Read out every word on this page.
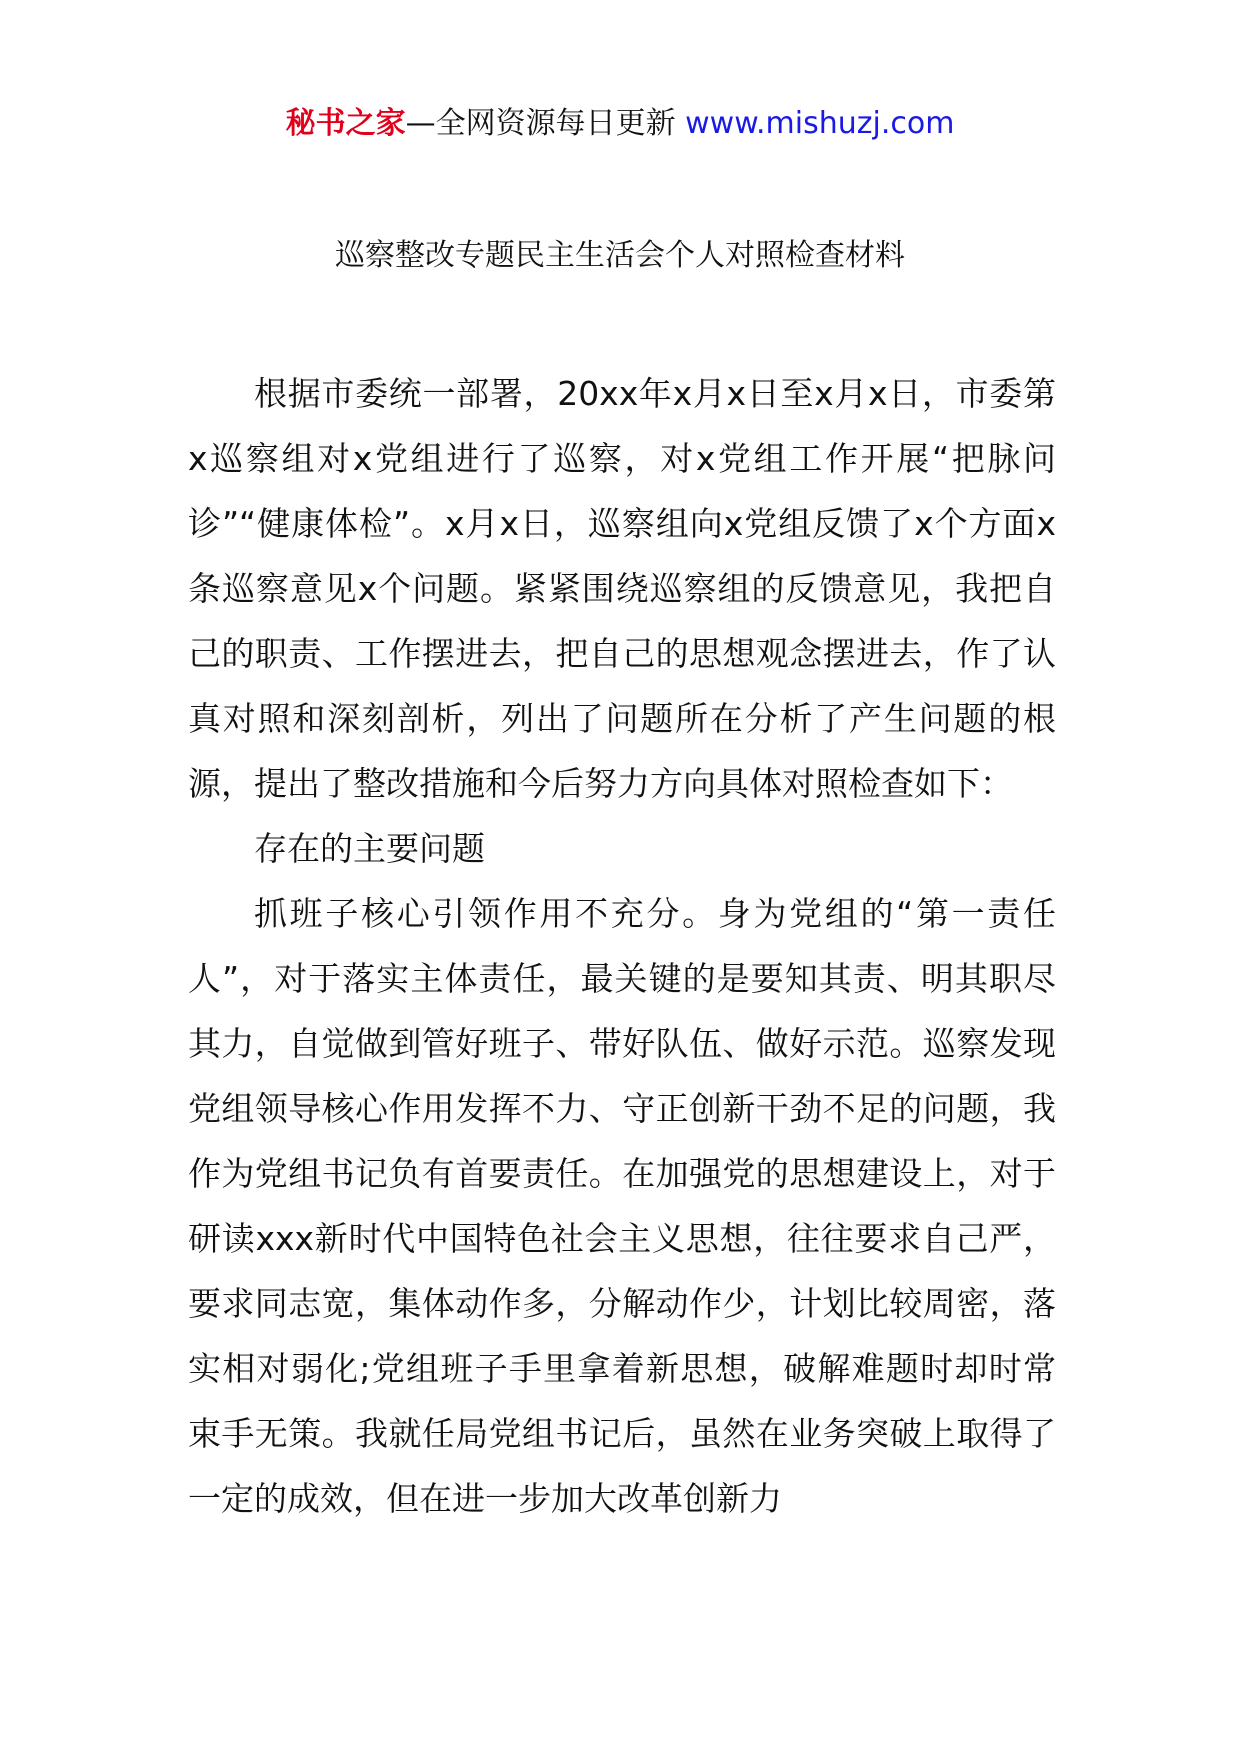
秘书之家—全网资源每日更新 www.mishuzj.com
巡察整改专题民主生活会个人对照检查材料

根据市委统一部署，20xx年x月x日至x月x日，市委第x巡察组对x党组进行了巡察，对x党组工作开展“把脉问诊”“健康体检”。x月x日，巡察组向x党组反馈了x个方面x条巡察意见x个问题。紧紧围绕巡察组的反馈意见，我把自己的职责、工作摆进去，把自己的思想观念摆进去，作了认真对照和深刻剖析，列出了问题所在分析了产生问题的根源，提出了整改措施和今后努力方向具体对照检查如下：

存在的主要问题

抓班子核心引领作用不充分。身为党组的“第一责任人”，对于落实主体责任，最关键的是要知其责、明其职尽其力，自觉做到管好班子、带好队伍、做好示范。巡察发现党组领导核心作用发挥不力、守正创新干劲不足的问题，我作为党组书记负有首要责任。在加强党的思想建设上，对于研读xxx新时代中国特色社会主义思想，往往要求自己严，要求同志宽，集体动作多，分解动作少，计划比较周密，落实相对弱化;党组班子手里拿着新思想，破解难题时却时常束手无策。我就任局党组书记后，虽然在业务突破上取得了一定的成效，但在进一步加大改革创新力
